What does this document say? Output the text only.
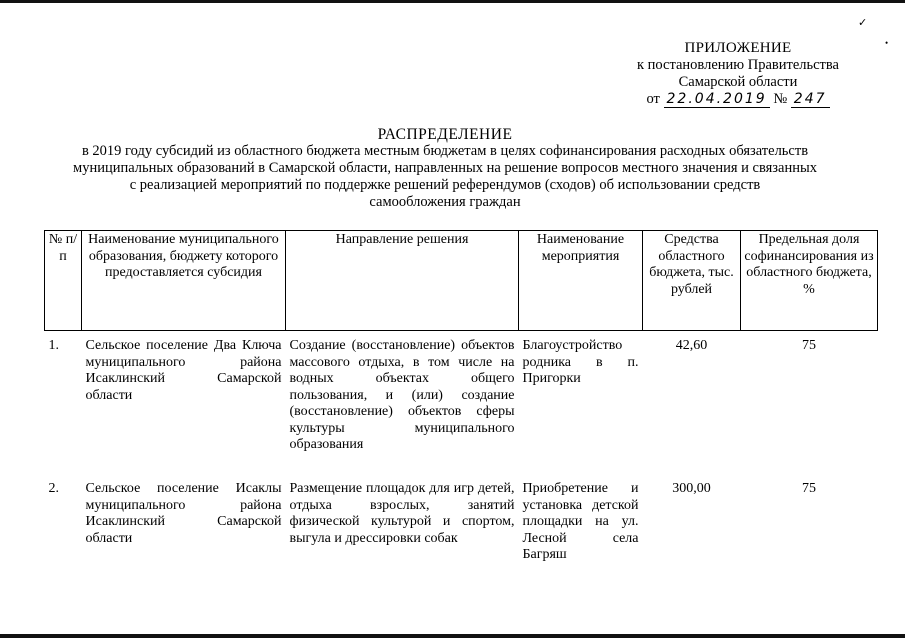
✓
•
ПРИЛОЖЕНИЕ
к постановлению Правительства
Самарской области
от 22.04.2019 № 247
РАСПРЕДЕЛЕНИЕ
в 2019 году субсидий из областного бюджета местным бюджетам в целях софинансирования расходных обязательств
муниципальных образований в Самарской области, направленных на решение вопросов местного значения и связанных
с реализацией мероприятий по поддержке решений референдумов (сходов) об использовании средств
самообложения граждан
№ п/п	Наименование муниципального образования, бюджету которого предоставляется субсидия	Направление решения	Наименование мероприятия	Средства областного бюджета, тыс. рублей	Предельная доля софинансирования из областного бюджета, %
1.	Сельское поселение Два Ключа муниципального района Исаклинский Самарской области	Создание (восстановление) объектов массового отдыха, в том числе на водных объектах общего пользования, и (или) создание (восстановление) объектов сферы культуры муниципального образования	Благоустройство родника в п. Пригорки	42,60	75
2.	Сельское поселение Исаклы муниципального района Исаклинский Самарской области	Размещение площадок для игр детей, отдыха взрослых, занятий физической культурой и спортом, выгула и дрессировки собак	Приобретение и установка детской площадки на ул. Лесной села Багряш	300,00	75
